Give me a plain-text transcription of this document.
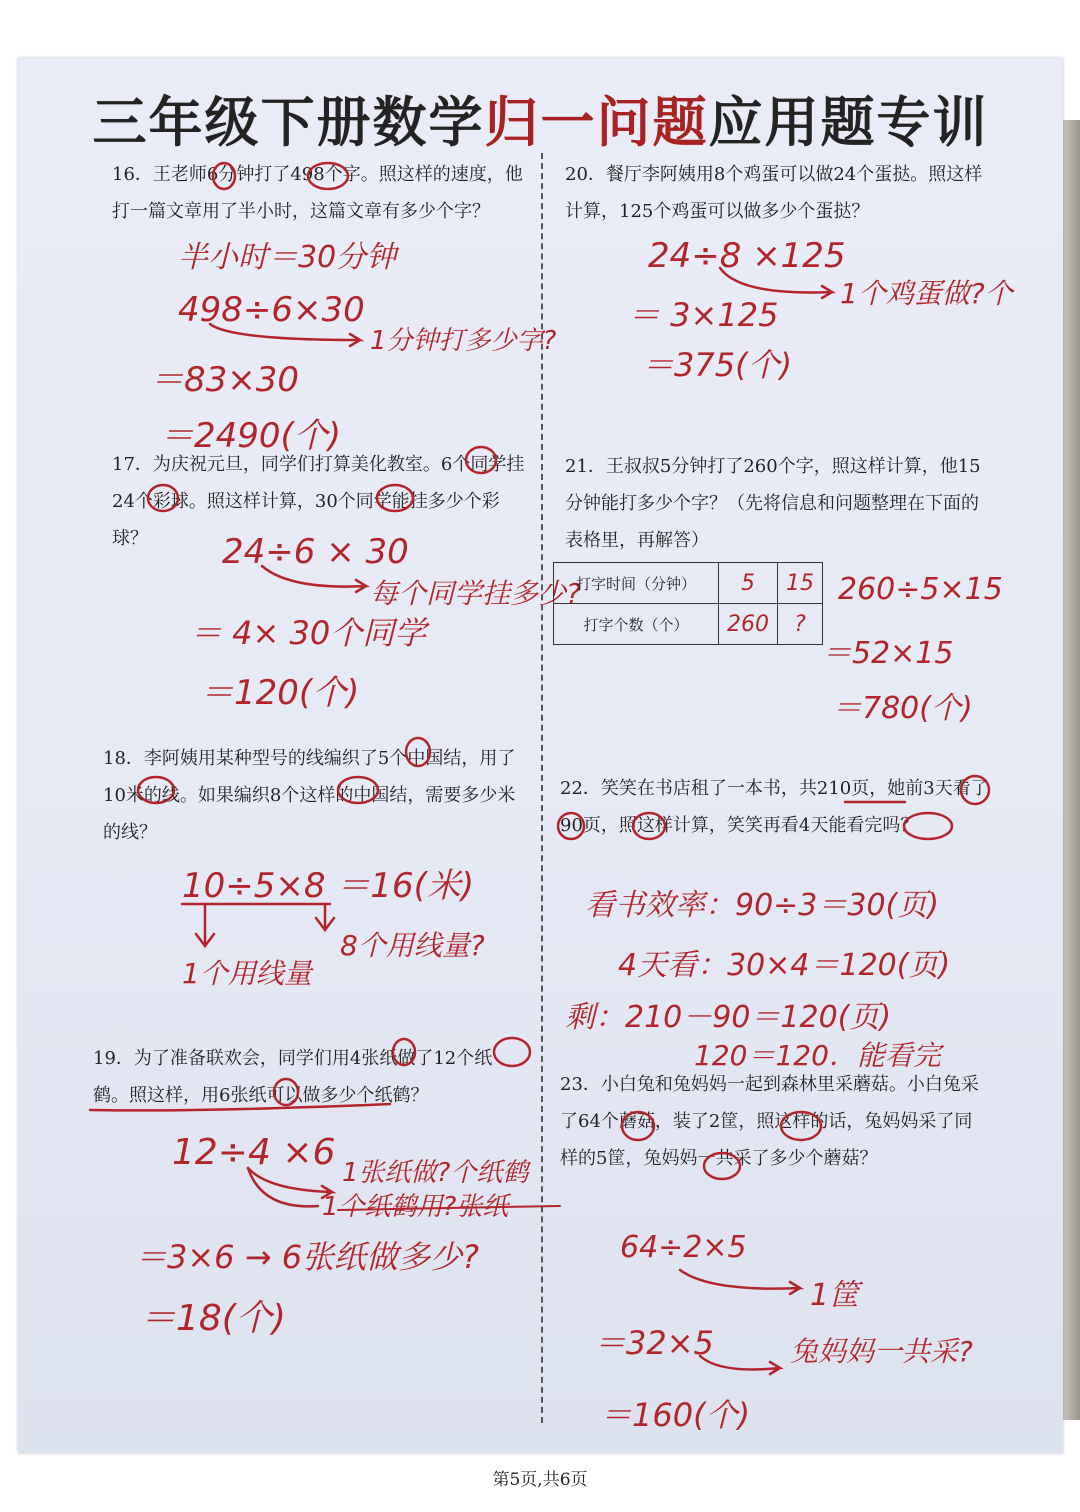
三年级下册数学归一问题应用题专训
16．王老师6分钟打了498个字。照这样的速度，他打一篇文章用了半小时，这篇文章有多少个字？
半小时＝30分钟
498÷6×30
1分钟打多少字?
＝83×30
＝2490(个)
17．为庆祝元旦，同学们打算美化教室。6个同学挂24个彩球。照这样计算，30个同学能挂多少个彩球？	24÷6 × 30
每个同学挂多少?
＝ 4× 30个同学
＝120(个)
18．李阿姨用某种型号的线编织了5个中国结，用了10米的线。如果编织8个这样的中国结，需要多少米的线？
10÷5×8 ＝16(米)
8个用线量?
1个用线量
19．为了准备联欢会，同学们用4张纸做了12个纸鹤。照这样，用6张纸可以做多少个纸鹤？
12÷4 ×6 1张纸做?个纸鹤
1个纸鹤用?张纸
＝3×6 → 6张纸做多少?
＝18(个)
20．餐厅李阿姨用8个鸡蛋可以做24个蛋挞。照这样计算，125个鸡蛋可以做多少个蛋挞？
24÷8 ×125
1个鸡蛋做?个
＝ 3×125
＝375(个)
21．王叔叔5分钟打了260个字，照这样计算，他15分钟能打多少个字？（先将信息和问题整理在下面的表格里，再解答）
打字时间（分钟）	5	15
打字个数（个）	260	?
260÷5×15
＝52×15
＝780(个)
22．笑笑在书店租了一本书，共210页，她前3天看了90页，照这样计算，笑笑再看4天能看完吗？
看书效率：90÷3＝30(页)
4天看：30×4＝120(页)
剩：210－90＝120(页)
120＝120．能看完
23．小白兔和兔妈妈一起到森林里采蘑菇。小白兔采了64个蘑菇，装了2筐，照这样的话，兔妈妈采了同样的5筐，兔妈妈一共采了多少个蘑菇？
64÷2×5
1筐
＝32×5	兔妈妈一共采?
＝160(个)
第5页,共6页
